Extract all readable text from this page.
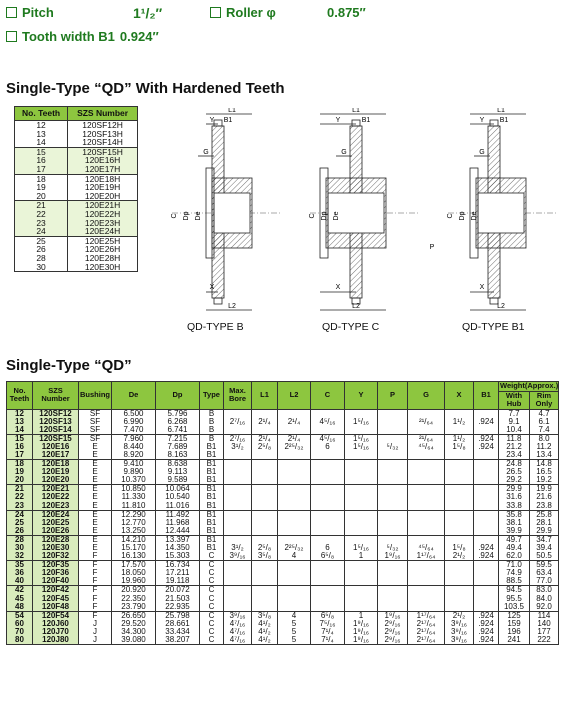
Pitch	1¹/₂″	Roller φ	0.875″
Tooth width B1 0.924″
Single-Type “QD” With Hardened Teeth
No. Teeth	SZS Number
12	120SF12H
13	120SF13H
14	120SF14H
15	120SF15H
16	120E16H
17	120E17H
18	120E18H
19	120E19H
20	120E20H
21	120E21H
22	120E22H
23	120E23H
24	120E24H
25	120E25H
26	120E26H
28	120E28H
30	120E30H
L1
Y B1
G
X
L2
C Dp De
L1
Y	B1
G
X
L2
C Dp De
P
L1
Y B1
G
X
L2
C Dp De
QD-TYPE B	QD-TYPE C	QD-TYPE B1
Single-Type “QD”
No. Teeth	SZS Number	Bushing	De	Dp	Type	Max. Bore	L1	L2	C	Y	P	G	X	B1	Weight(Approx.)	
															With Hub	Rim Only
12	120SF12	SF	6.500	5.796	B										7.7	4.7
13	120SF13	SF	6.990	6.268	B	2⁷/₁₆	2¹/₄	2¹/₄	4⁵/₁₆	1⁵/₁₆		²¹/₆₄	1¹/₂	.924	9.1	6.1
14	120SF14	SF	7.470	6.741	B										10.4	7.4
15	120SF15	SF	7.960	7.215	B	2⁷/₁₆	2¹/₄	2¹/₄	4⁵/₁₆	1⁵/₁₆		²¹/₆₄	1¹/₂	.924	11.8	8.0
16	120E16	E	8.440	7.689	B1	3¹/₂	2⁵/₈	2²⁵/₃₂	6	1⁵/₁₆	⁵/₃₂	⁴⁵/₆₄	1⁵/₈	.924	21.2	11.2
17	120E17	E	8.920	8.163	B1										23.4	13.4
18	120E18	E	9.410	8.638	B1										24.8	14.8
19	120E19	E	9.890	9.113	B1										26.5	16.5
20	120E20	E	10.370	9.589	B1										29.2	19.2
21	120E21	E	10.850	10.064	B1										29.9	19.9
22	120E22	E	11.330	10.540	B1										31.6	21.6
23	120E23	E	11.810	11.016	B1										33.8	23.8
24	120E24	E	12.290	11.492	B1										35.8	25.8
25	120E25	E	12.770	11.968	B1										38.1	28.1
26	120E26	E	13.250	12.444	B1										39.9	29.9
28	120E28	E	14.210	13.397	B1										49.7	34.7
30	120E30	E	15.170	14.350	B1	3¹/₂	2⁵/₈	2²⁵/₃₂	6	1⁵/₁₆	⁵/₃₂	⁴⁵/₆₄	1⁵/₈	.924	49.4	39.4
32	120F32	F	16.130	15.303	C	3⁹/₁₆	3⁵/₈	4	6⁵/₈	1	1⁹/₁₆	1¹⁷/₆₄	2¹/₂	.924	62.0	50.5
35	120F35	F	17.570	16.734	C										71.0	59.5
36	120F36	F	18.050	17.211	C										74.9	63.4
40	120F40	F	19.960	19.118	C										88.5	77.0
42	120F42	F	20.920	20.072	C										94.5	83.0
45	120F45	F	22.350	21.503	C										95.5	84.0
48	120F48	F	23.790	22.935	C										103.5	92.0
54	120F54	F	26.650	25.798	C	3⁹/₁₆	3⁵/₈	4	6⁵/₈	1	1⁹/₁₆	1¹⁷/₆₄	2¹/₂	.924	125	114
60	120J60	J	29.520	28.661	C	4⁷/₁₆	4¹/₂	5	7⁵/₁₆	1⁹/₁₆	2⁹/₁₆	2¹⁷/₆₄	3⁹/₁₆	.924	159	140
70	120J70	J	34.300	33.434	C	4⁷/₁₆	4¹/₂	5	7¹/₄	1⁹/₁₆	2⁹/₁₆	2¹⁷/₆₄	3⁹/₁₆	.924	196	177
80	120J80	J	39.080	38.207	C	4⁷/₁₆	4¹/₂	5	7¹/₄	1⁹/₁₆	2⁹/₁₆	2¹⁷/₆₄	3⁹/₁₆	.924	241	222
